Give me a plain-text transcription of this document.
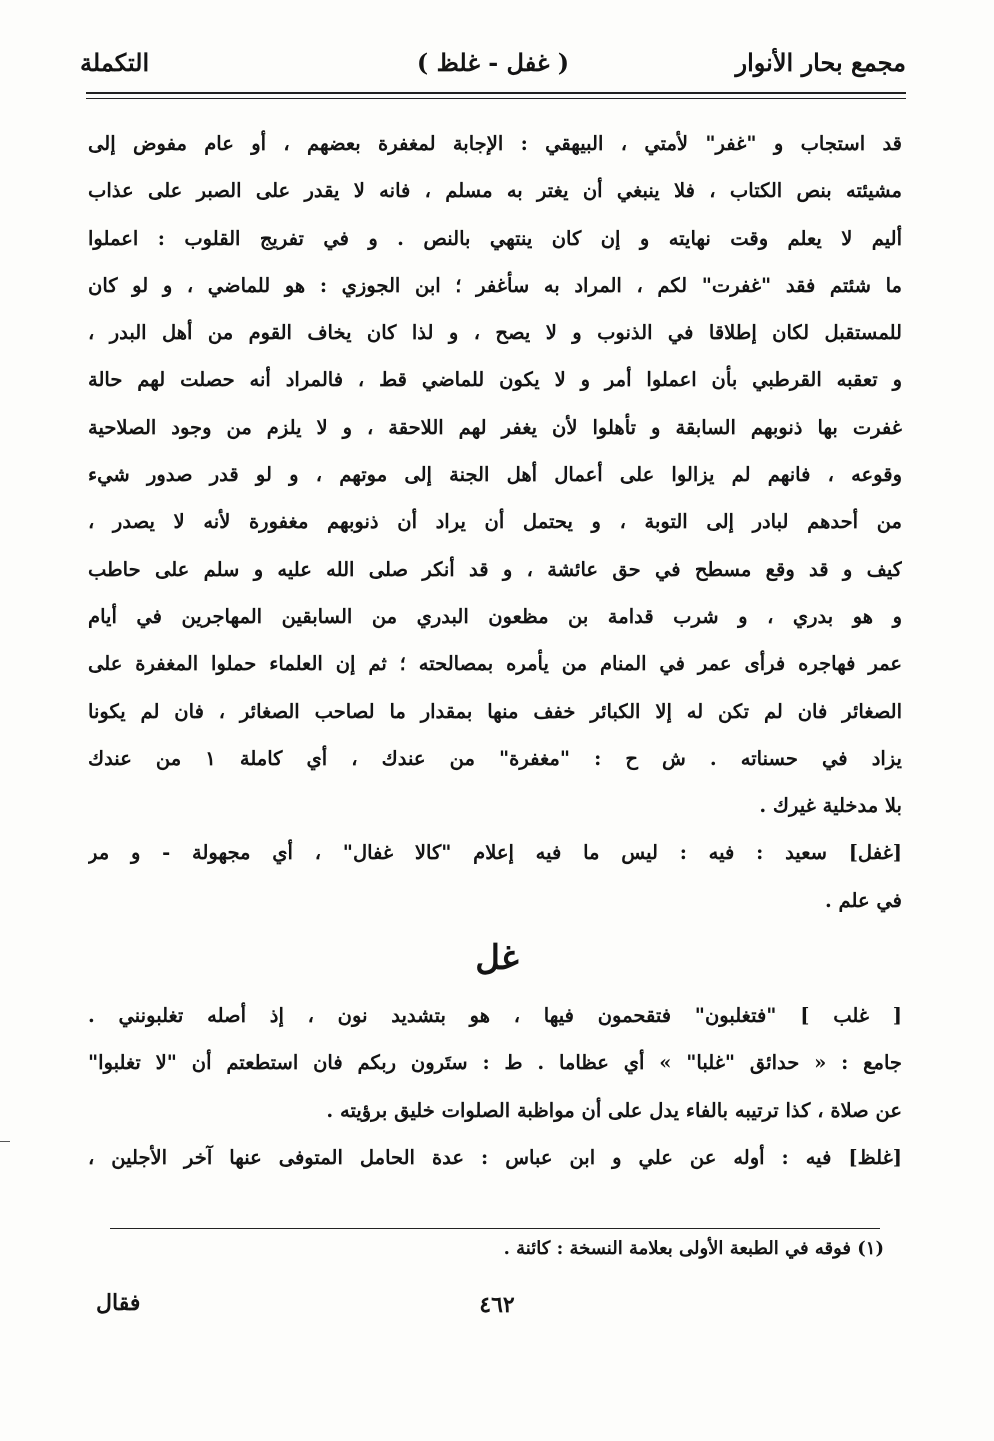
مجمع بحار الأنوار
( غفل - غلظ )
التكملة
قد استجاب و "غفر" لأمتي ، البيهقي : الإجابة لمغفرة بعضهم ، أو عام مفوض إلى
مشيئته بنص الكتاب ، فلا ينبغي أن يغتر به مسلم ، فانه لا يقدر على الصبر على عذاب
أليم لا يعلم وقت نهايته و إن كان ينتهي بالنص . و في تفريج القلوب : اعملوا
ما شئتم فقد "غفرت" لكم ، المراد به سأغفر ؛ ابن الجوزي : هو للماضي ، و لو كان
للمستقبل لكان إطلاقا في الذنوب و لا يصح ، و لذا كان يخاف القوم من أهل البدر ،
و تعقبه القرطبي بأن اعملوا أمر و لا يكون للماضي قط ، فالمراد أنه حصلت لهم حالة
غفرت بها ذنوبهم السابقة و تأهلوا لأن يغفر لهم اللاحقة ، و لا يلزم من وجود الصلاحية
وقوعه ، فانهم لم يزالوا على أعمال أهل الجنة إلى موتهم ، و لو قدر صدور شيء
من أحدهم لبادر إلى التوبة ، و يحتمل أن يراد أن ذنوبهم مغفورة لأنه لا يصدر ،
كيف و قد وقع مسطح في حق عائشة ، و قد أنكر صلى الله عليه و سلم على حاطب
و هو بدري ، و شرب قدامة بن مظعون البدري من السابقين المهاجرين في أيام
عمر فهاجره فرأى عمر في المنام من يأمره بمصالحته ؛ ثم إن العلماء حملوا المغفرة على
الصغائر فان لم تكن له إلا الكبائر خفف منها بمقدار ما لصاحب الصغائر ، فان لم يكونا
يزاد في حسناته . ش ح : "مغفرة" من عندك ، أي كاملة ١ من عندك
بلا مدخلية غيرك .
[غفل] سعيد : فيه : ليس ما فيه إعلام "كالا غفال" ، أي مجهولة - و مر
في علم .
غل
[ غلب ] "فتغلبون" فتقحمون فيها ، هو بتشديد نون ، إذ أصله تغلبونني .
جامع : « حدائق "غلبا" » أي عظاما . ط : ستَرون ربكم فان استطعتم أن "لا تغلبوا"
عن صلاة ، كذا ترتيبه بالفاء يدل على أن مواظبة الصلوات خليق برؤيته .
[غلظ] فيه : أوله عن علي و ابن عباس : عدة الحامل المتوفى عنها آخر الأجلين ،
(١) فوقه في الطبعة الأولى بعلامة النسخة : كائنة .
٤٦٢
فقال
